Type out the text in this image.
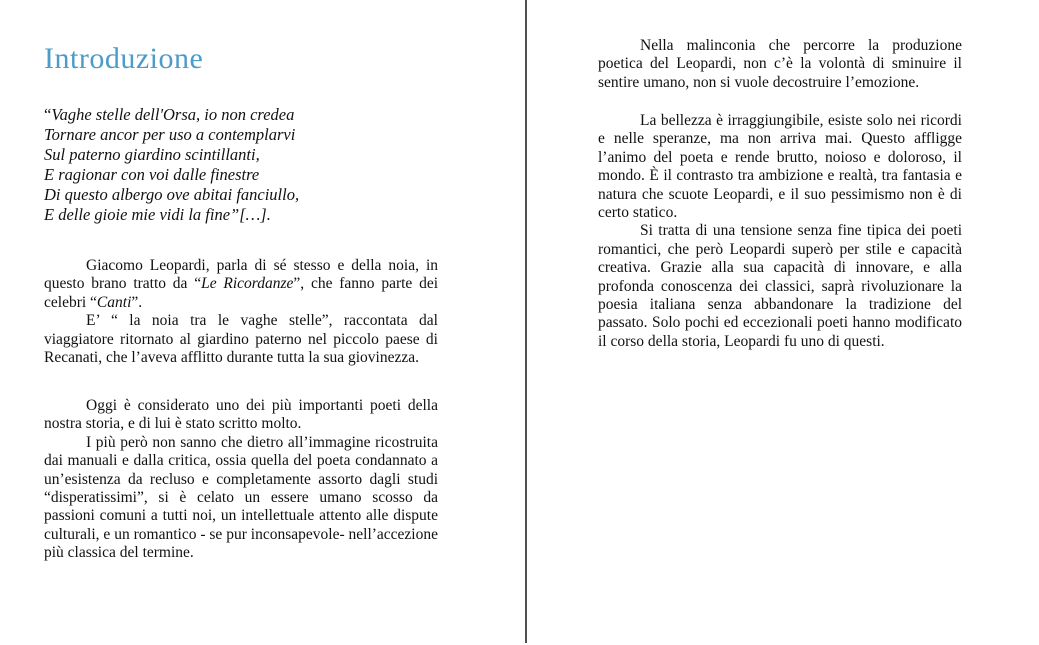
Introduzione

“Vaghe stelle dell'Orsa, io non credea

Tornare ancor per uso a contemplarvi

Sul paterno giardino scintillanti,

E ragionar con voi dalle finestre

Di questo albergo ove abitai fanciullo,

E delle gioie mie vidi la fine”[…].

Giacomo Leopardi, parla di sé stesso e della noia, in questo brano tratto da “Le Ricordanze”, che fanno parte dei celebri “Canti”.

E’ “ la noia tra le vaghe stelle”, raccontata dal viaggiatore ritornato al giardino paterno nel piccolo paese di Recanati, che l’aveva afflitto durante tutta la sua giovinezza.

Oggi è considerato uno dei più importanti poeti della nostra storia, e di lui è stato scritto molto.

I più però non sanno che dietro all’immagine ricostruita dai manuali e dalla critica, ossia quella del poeta condannato a un’esistenza da recluso e completamente assorto dagli studi “disperatissimi”, si è celato un essere umano scosso da passioni comuni a tutti noi, un intellettuale attento alle dispute culturali, e un romantico - se pur inconsapevole- nell’accezione più classica del termine.

Nella malinconia che percorre la produzione poetica del Leopardi, non c’è la volontà di sminuire il sentire umano, non si vuole decostruire l’emozione.

La bellezza è irraggiungibile, esiste solo nei ricordi e nelle speranze, ma non arriva mai. Questo affligge l’animo del poeta e rende brutto, noioso e doloroso, il mondo. È il contrasto tra ambizione e realtà, tra fantasia e natura che scuote Leopardi, e il suo pessimismo non è di certo statico.

Si tratta di una tensione senza fine tipica dei poeti romantici, che però Leopardi superò per stile e capacità creativa. Grazie alla sua capacità di innovare, e alla profonda conoscenza dei classici, saprà rivoluzionare la poesia italiana senza abbandonare la tradizione del passato. Solo pochi ed eccezionali poeti hanno modificato il corso della storia, Leopardi fu uno di questi.
